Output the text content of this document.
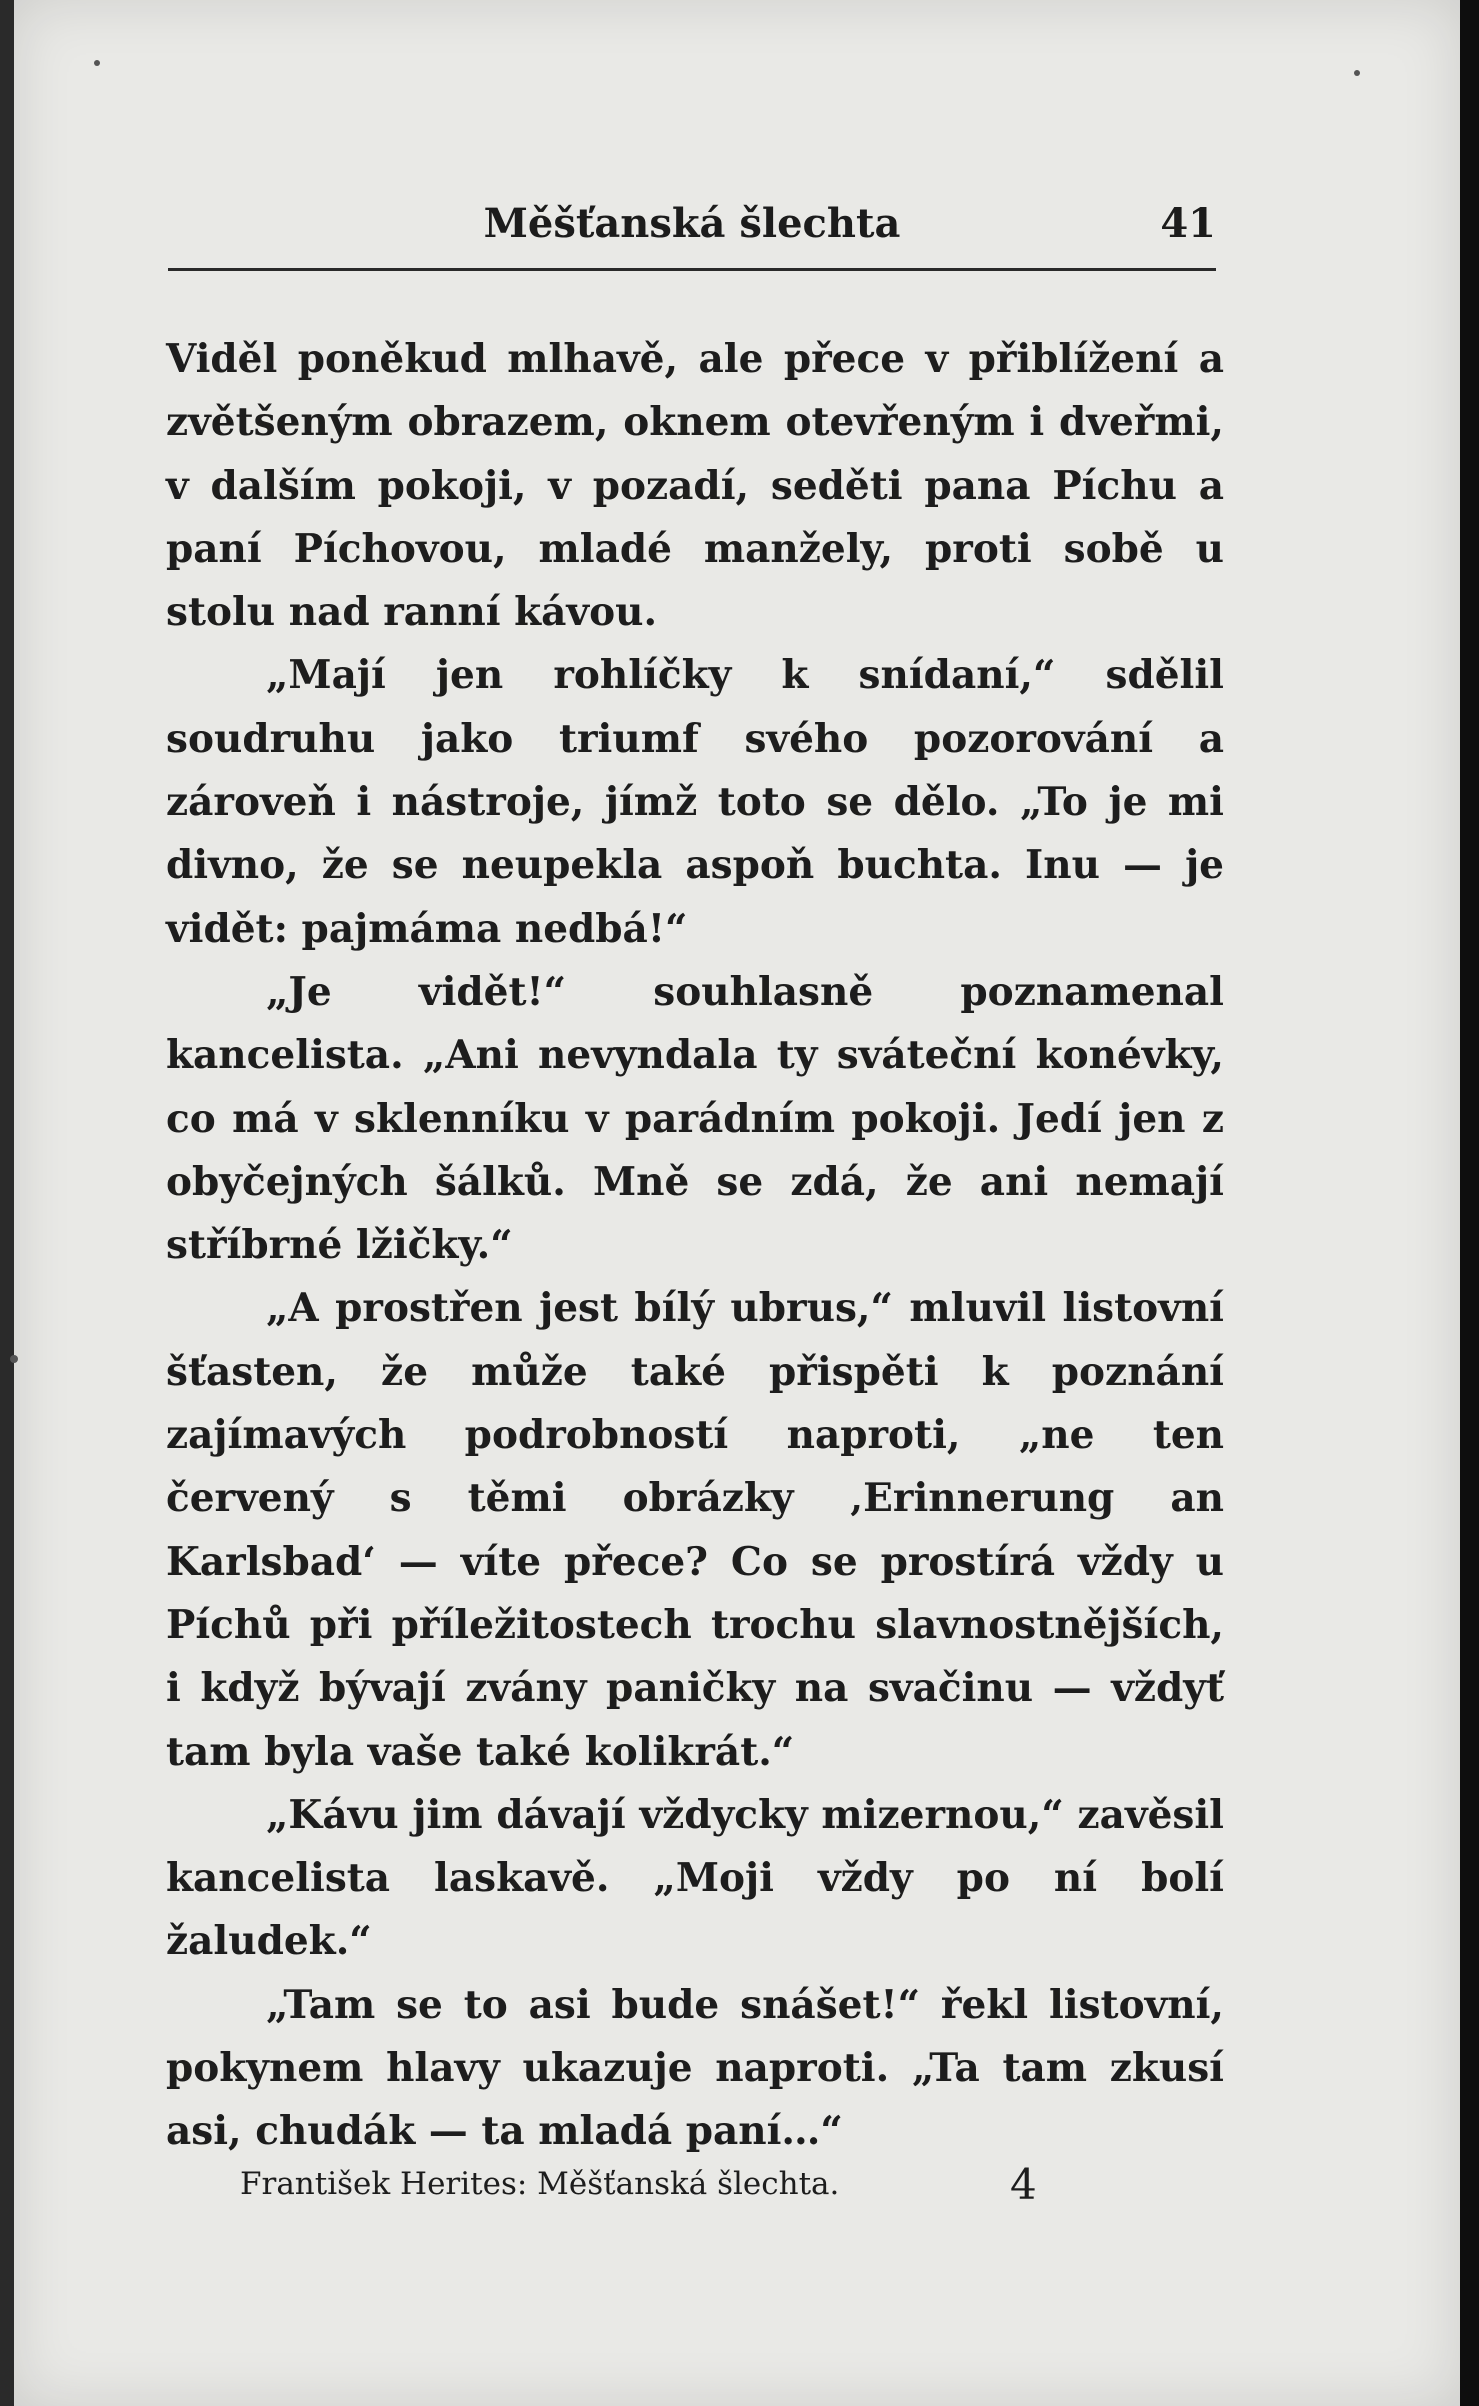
Měšťanská šlechta	41

Viděl poněkud mlhavě, ale přece v přiblížení a zvětšeným obrazem, oknem otevřeným i dveřmi, v dalším pokoji, v pozadí, seděti pana Píchu a paní Píchovou, mladé manžely, proti sobě u stolu nad ranní kávou.

„Mají jen rohlíčky k snídaní,“ sdělil soudruhu jako triumf svého pozorování a zároveň i nástroje, jímž toto se dělo. „To je mi divno, že se neupekla aspoň buchta. Inu — je vidět: pajmáma nedbá!“

„Je vidět!“ souhlasně poznamenal kancelista. „Ani nevyndala ty sváteční konévky, co má v sklenníku v parádním pokoji. Jedí jen z obyčejných šálků. Mně se zdá, že ani nemají stříbrné lžičky.“

„A prostřen jest bílý ubrus,“ mluvil listovní šťasten, že může také přispěti k poznání zajímavých podrobností naproti, „ne ten červený s těmi obrázky ‚Erinnerung an Karlsbad‘ — víte přece? Co se prostírá vždy u Píchů při příležitostech trochu slavnostnějších, i když bývají zvány paničky na svačinu — vždyť tam byla vaše také kolikrát.“

„Kávu jim dávají vždycky mizernou,“ zavěsil kancelista laskavě. „Moji vždy po ní bolí žaludek.“

„Tam se to asi bude snášet!“ řekl listovní, pokynem hlavy ukazuje naproti. „Ta tam zkusí asi, chudák — ta mladá paní…“

František Herites: Měšťanská šlechta.	4
